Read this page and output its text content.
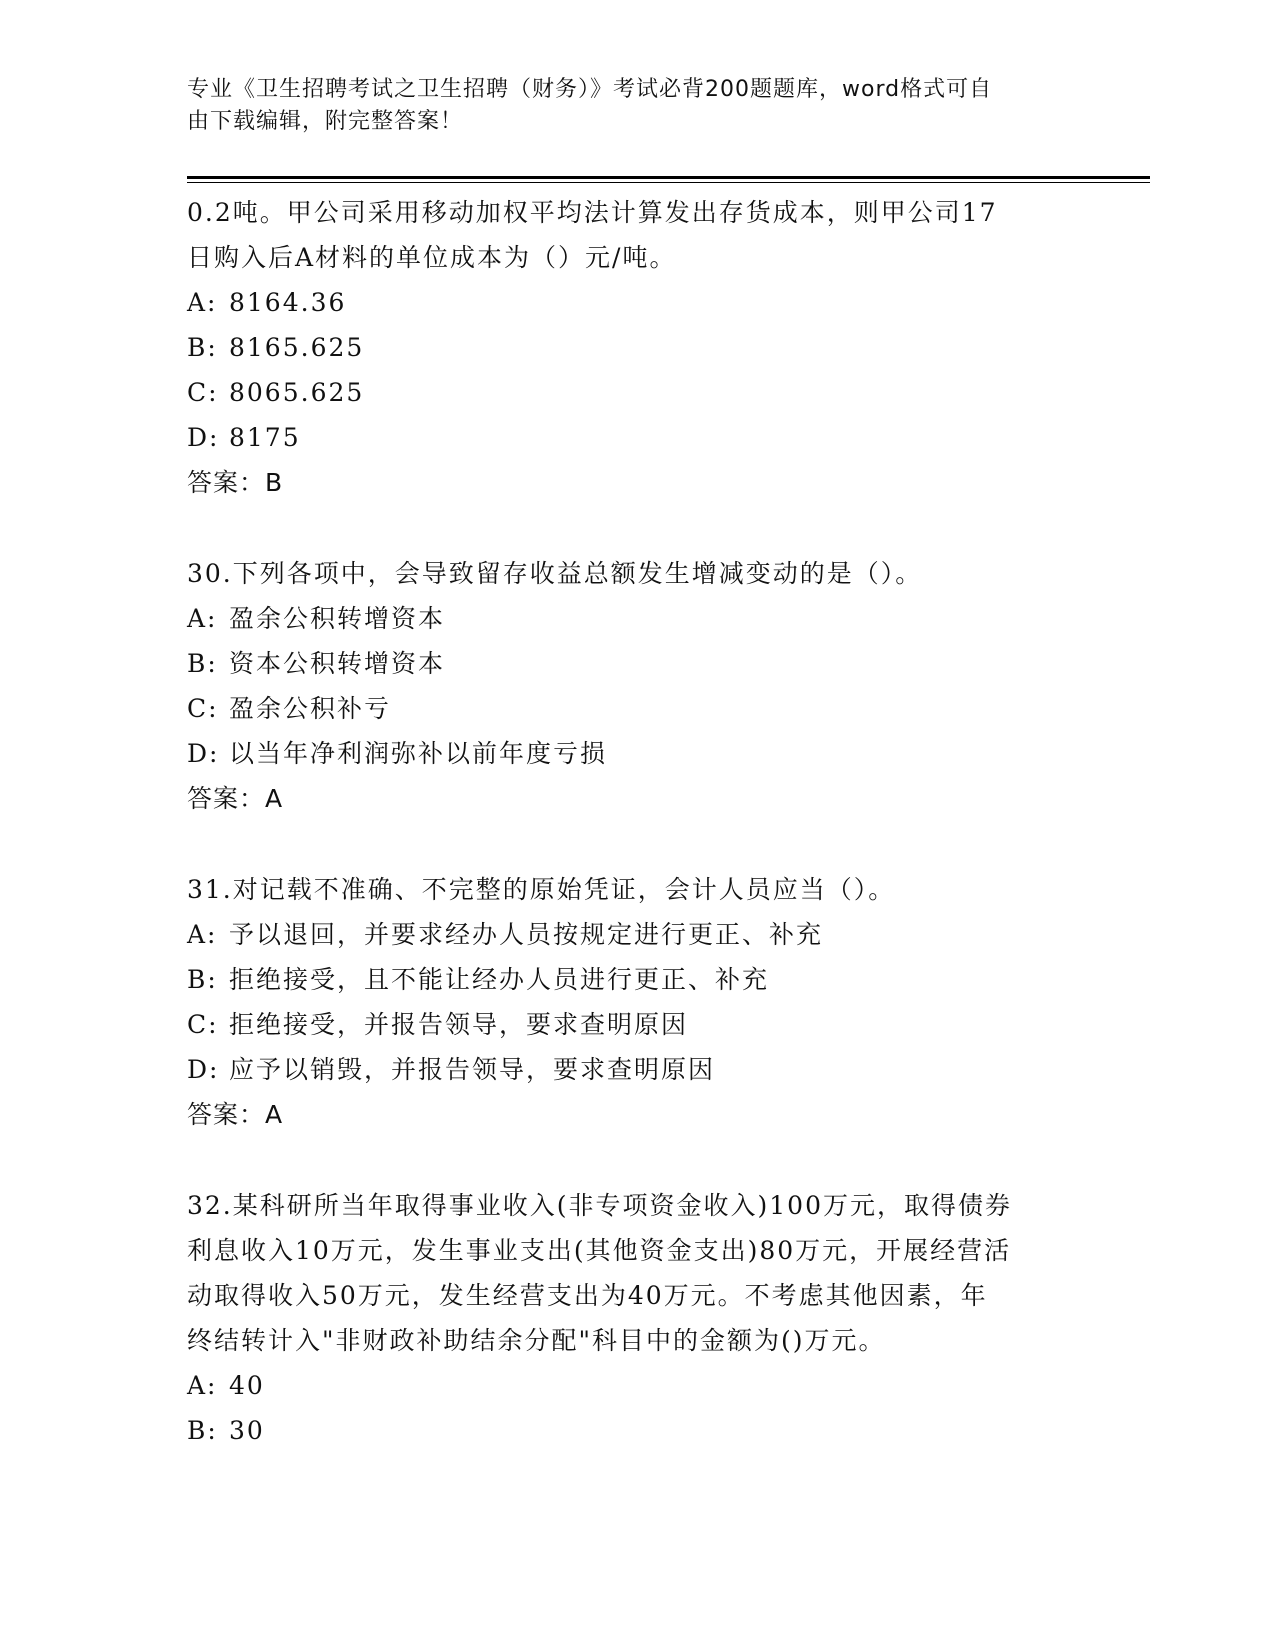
专业《卫生招聘考试之卫生招聘（财务）》考试必背200题题库，word格式可自
由下载编辑，附完整答案！

0.2吨。甲公司采用移动加权平均法计算发出存货成本，则甲公司17

日购入后A材料的单位成本为（）元/吨。

A: 8164.36

B: 8165.625

C: 8065.625

D: 8175

答案：B

30.下列各项中，会导致留存收益总额发生增减变动的是（）。

A: 盈余公积转增资本

B: 资本公积转增资本

C: 盈余公积补亏

D: 以当年净利润弥补以前年度亏损

答案：A

31.对记载不准确、不完整的原始凭证，会计人员应当（）。

A: 予以退回，并要求经办人员按规定进行更正、补充

B: 拒绝接受，且不能让经办人员进行更正、补充

C: 拒绝接受，并报告领导，要求查明原因

D: 应予以销毁，并报告领导，要求查明原因

答案：A

32.某科研所当年取得事业收入(非专项资金收入)100万元，取得债券

利息收入10万元，发生事业支出(其他资金支出)80万元，开展经营活

动取得收入50万元，发生经营支出为40万元。不考虑其他因素，年

终结转计入"非财政补助结余分配"科目中的金额为()万元。

A: 40

B: 30
